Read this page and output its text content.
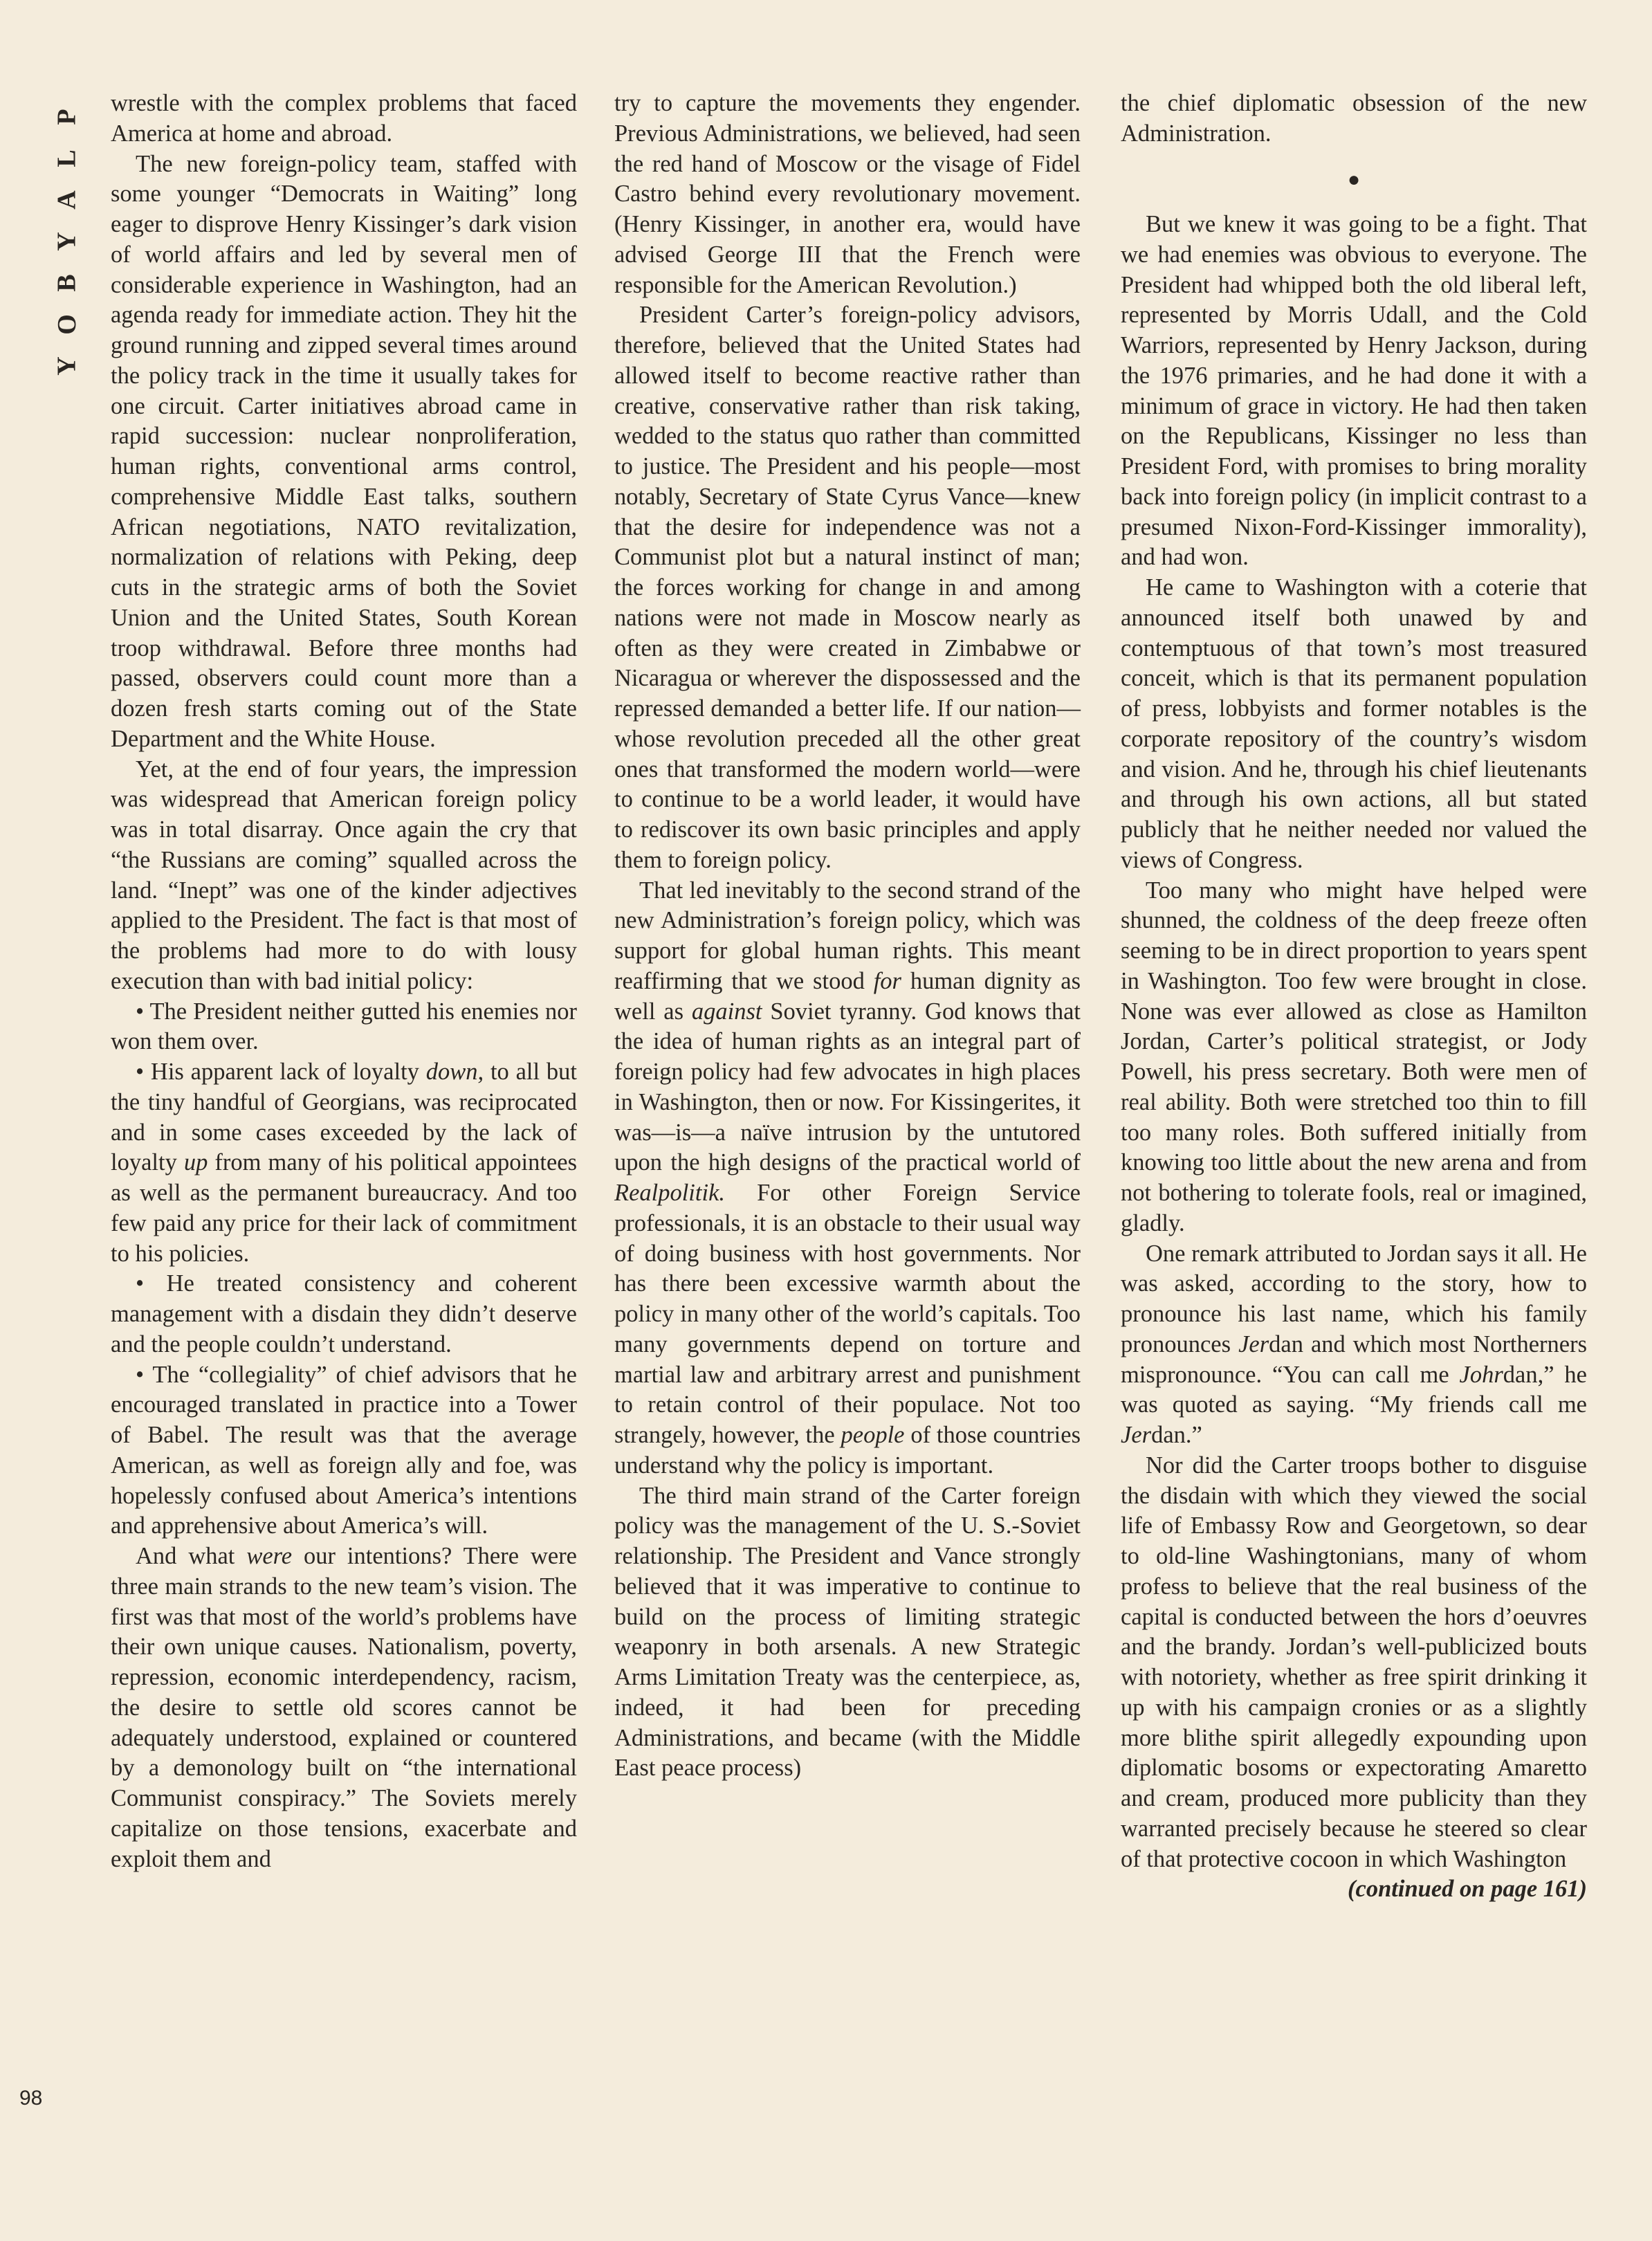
P
L
A
Y
B
O
Y

wrestle with the complex problems that faced America at home and abroad.

The new foreign-policy team, staffed with some younger “Democrats in Waiting” long eager to disprove Henry Kissinger’s dark vision of world affairs and led by several men of considerable experience in Washington, had an agenda ready for immediate action. They hit the ground running and zipped several times around the policy track in the time it usually takes for one circuit. Carter initiatives abroad came in rapid succession: nuclear nonproliferation, human rights, conventional arms control, comprehensive Middle East talks, southern African negotiations, NATO revitalization, normalization of relations with Peking, deep cuts in the strategic arms of both the Soviet Union and the United States, South Korean troop withdrawal. Before three months had passed, observers could count more than a dozen fresh starts coming out of the State Department and the White House.

Yet, at the end of four years, the impression was widespread that American foreign policy was in total disarray. Once again the cry that “the Russians are coming” squalled across the land. “Inept” was one of the kinder adjectives applied to the President. The fact is that most of the problems had more to do with lousy execution than with bad initial policy:

• The President neither gutted his enemies nor won them over.

• His apparent lack of loyalty down, to all but the tiny handful of Georgians, was reciprocated and in some cases exceeded by the lack of loyalty up from many of his political appointees as well as the permanent bureaucracy. And too few paid any price for their lack of commitment to his policies.

• He treated consistency and coherent management with a disdain they didn’t deserve and the people couldn’t understand.

• The “collegiality” of chief advisors that he encouraged translated in practice into a Tower of Babel. The result was that the average American, as well as foreign ally and foe, was hopelessly confused about America’s intentions and apprehensive about America’s will.

And what were our intentions? There were three main strands to the new team’s vision. The first was that most of the world’s problems have their own unique causes. Nationalism, poverty, repression, economic interdependency, racism, the desire to settle old scores cannot be adequately understood, explained or countered by a demonology built on “the international Communist conspiracy.” The Soviets merely capitalize on those tensions, exacerbate and exploit them and

try to capture the movements they engender. Previous Administrations, we believed, had seen the red hand of Moscow or the visage of Fidel Castro behind every revolutionary movement. (Henry Kissinger, in another era, would have advised George III that the French were responsible for the American Revolution.)

President Carter’s foreign-policy advisors, therefore, believed that the United States had allowed itself to become reactive rather than creative, conservative rather than risk taking, wedded to the status quo rather than committed to justice. The President and his people—most notably, Secretary of State Cyrus Vance—knew that the desire for independence was not a Communist plot but a natural instinct of man; the forces working for change in and among nations were not made in Moscow nearly as often as they were created in Zimbabwe or Nicaragua or wherever the dispossessed and the repressed demanded a better life. If our nation—whose revolution preceded all the other great ones that transformed the modern world—were to continue to be a world leader, it would have to rediscover its own basic principles and apply them to foreign policy.

That led inevitably to the second strand of the new Administration’s foreign policy, which was support for global human rights. This meant reaffirming that we stood for human dignity as well as against Soviet tyranny. God knows that the idea of human rights as an integral part of foreign policy had few advocates in high places in Washington, then or now. For Kissingerites, it was—is—a naïve intrusion by the untutored upon the high designs of the practical world of Realpolitik. For other Foreign Service professionals, it is an obstacle to their usual way of doing business with host governments. Nor has there been excessive warmth about the policy in many other of the world’s capitals. Too many governments depend on torture and martial law and arbitrary arrest and punishment to retain control of their populace. Not too strangely, however, the people of those countries understand why the policy is important.

The third main strand of the Carter foreign policy was the management of the U. S.-Soviet relationship. The President and Vance strongly believed that it was imperative to continue to build on the process of limiting strategic weaponry in both arsenals. A new Strategic Arms Limitation Treaty was the centerpiece, as, indeed, it had been for preceding Administrations, and became (with the Middle East peace process)

the chief diplomatic obsession of the new Administration.

●

But we knew it was going to be a fight. That we had enemies was obvious to everyone. The President had whipped both the old liberal left, represented by Morris Udall, and the Cold Warriors, represented by Henry Jackson, during the 1976 primaries, and he had done it with a minimum of grace in victory. He had then taken on the Republicans, Kissinger no less than President Ford, with promises to bring morality back into foreign policy (in implicit contrast to a presumed Nixon-Ford-Kissinger immorality), and had won.

He came to Washington with a coterie that announced itself both unawed by and contemptuous of that town’s most treasured conceit, which is that its permanent population of press, lobbyists and former notables is the corporate repository of the country’s wisdom and vision. And he, through his chief lieutenants and through his own actions, all but stated publicly that he neither needed nor valued the views of Congress.

Too many who might have helped were shunned, the coldness of the deep freeze often seeming to be in direct proportion to years spent in Washington. Too few were brought in close. None was ever allowed as close as Hamilton Jordan, Carter’s political strategist, or Jody Powell, his press secretary. Both were men of real ability. Both were stretched too thin to fill too many roles. Both suffered initially from knowing too little about the new arena and from not bothering to tolerate fools, real or imagined, gladly.

One remark attributed to Jordan says it all. He was asked, according to the story, how to pronounce his last name, which his family pronounces Jerdan and which most Northerners mispronounce. “You can call me Johrdan,” he was quoted as saying. “My friends call me Jerdan.”

Nor did the Carter troops bother to disguise the disdain with which they viewed the social life of Embassy Row and Georgetown, so dear to old-line Washingtonians, many of whom profess to believe that the real business of the capital is conducted between the hors d’oeuvres and the brandy. Jordan’s well-publicized bouts with notoriety, whether as free spirit drinking it up with his campaign cronies or as a slightly more blithe spirit allegedly expounding upon diplomatic bosoms or expectorating Amaretto and cream, produced more publicity than they warranted precisely because he steered so clear of that protective cocoon in which Washington

(continued on page 161)

98
